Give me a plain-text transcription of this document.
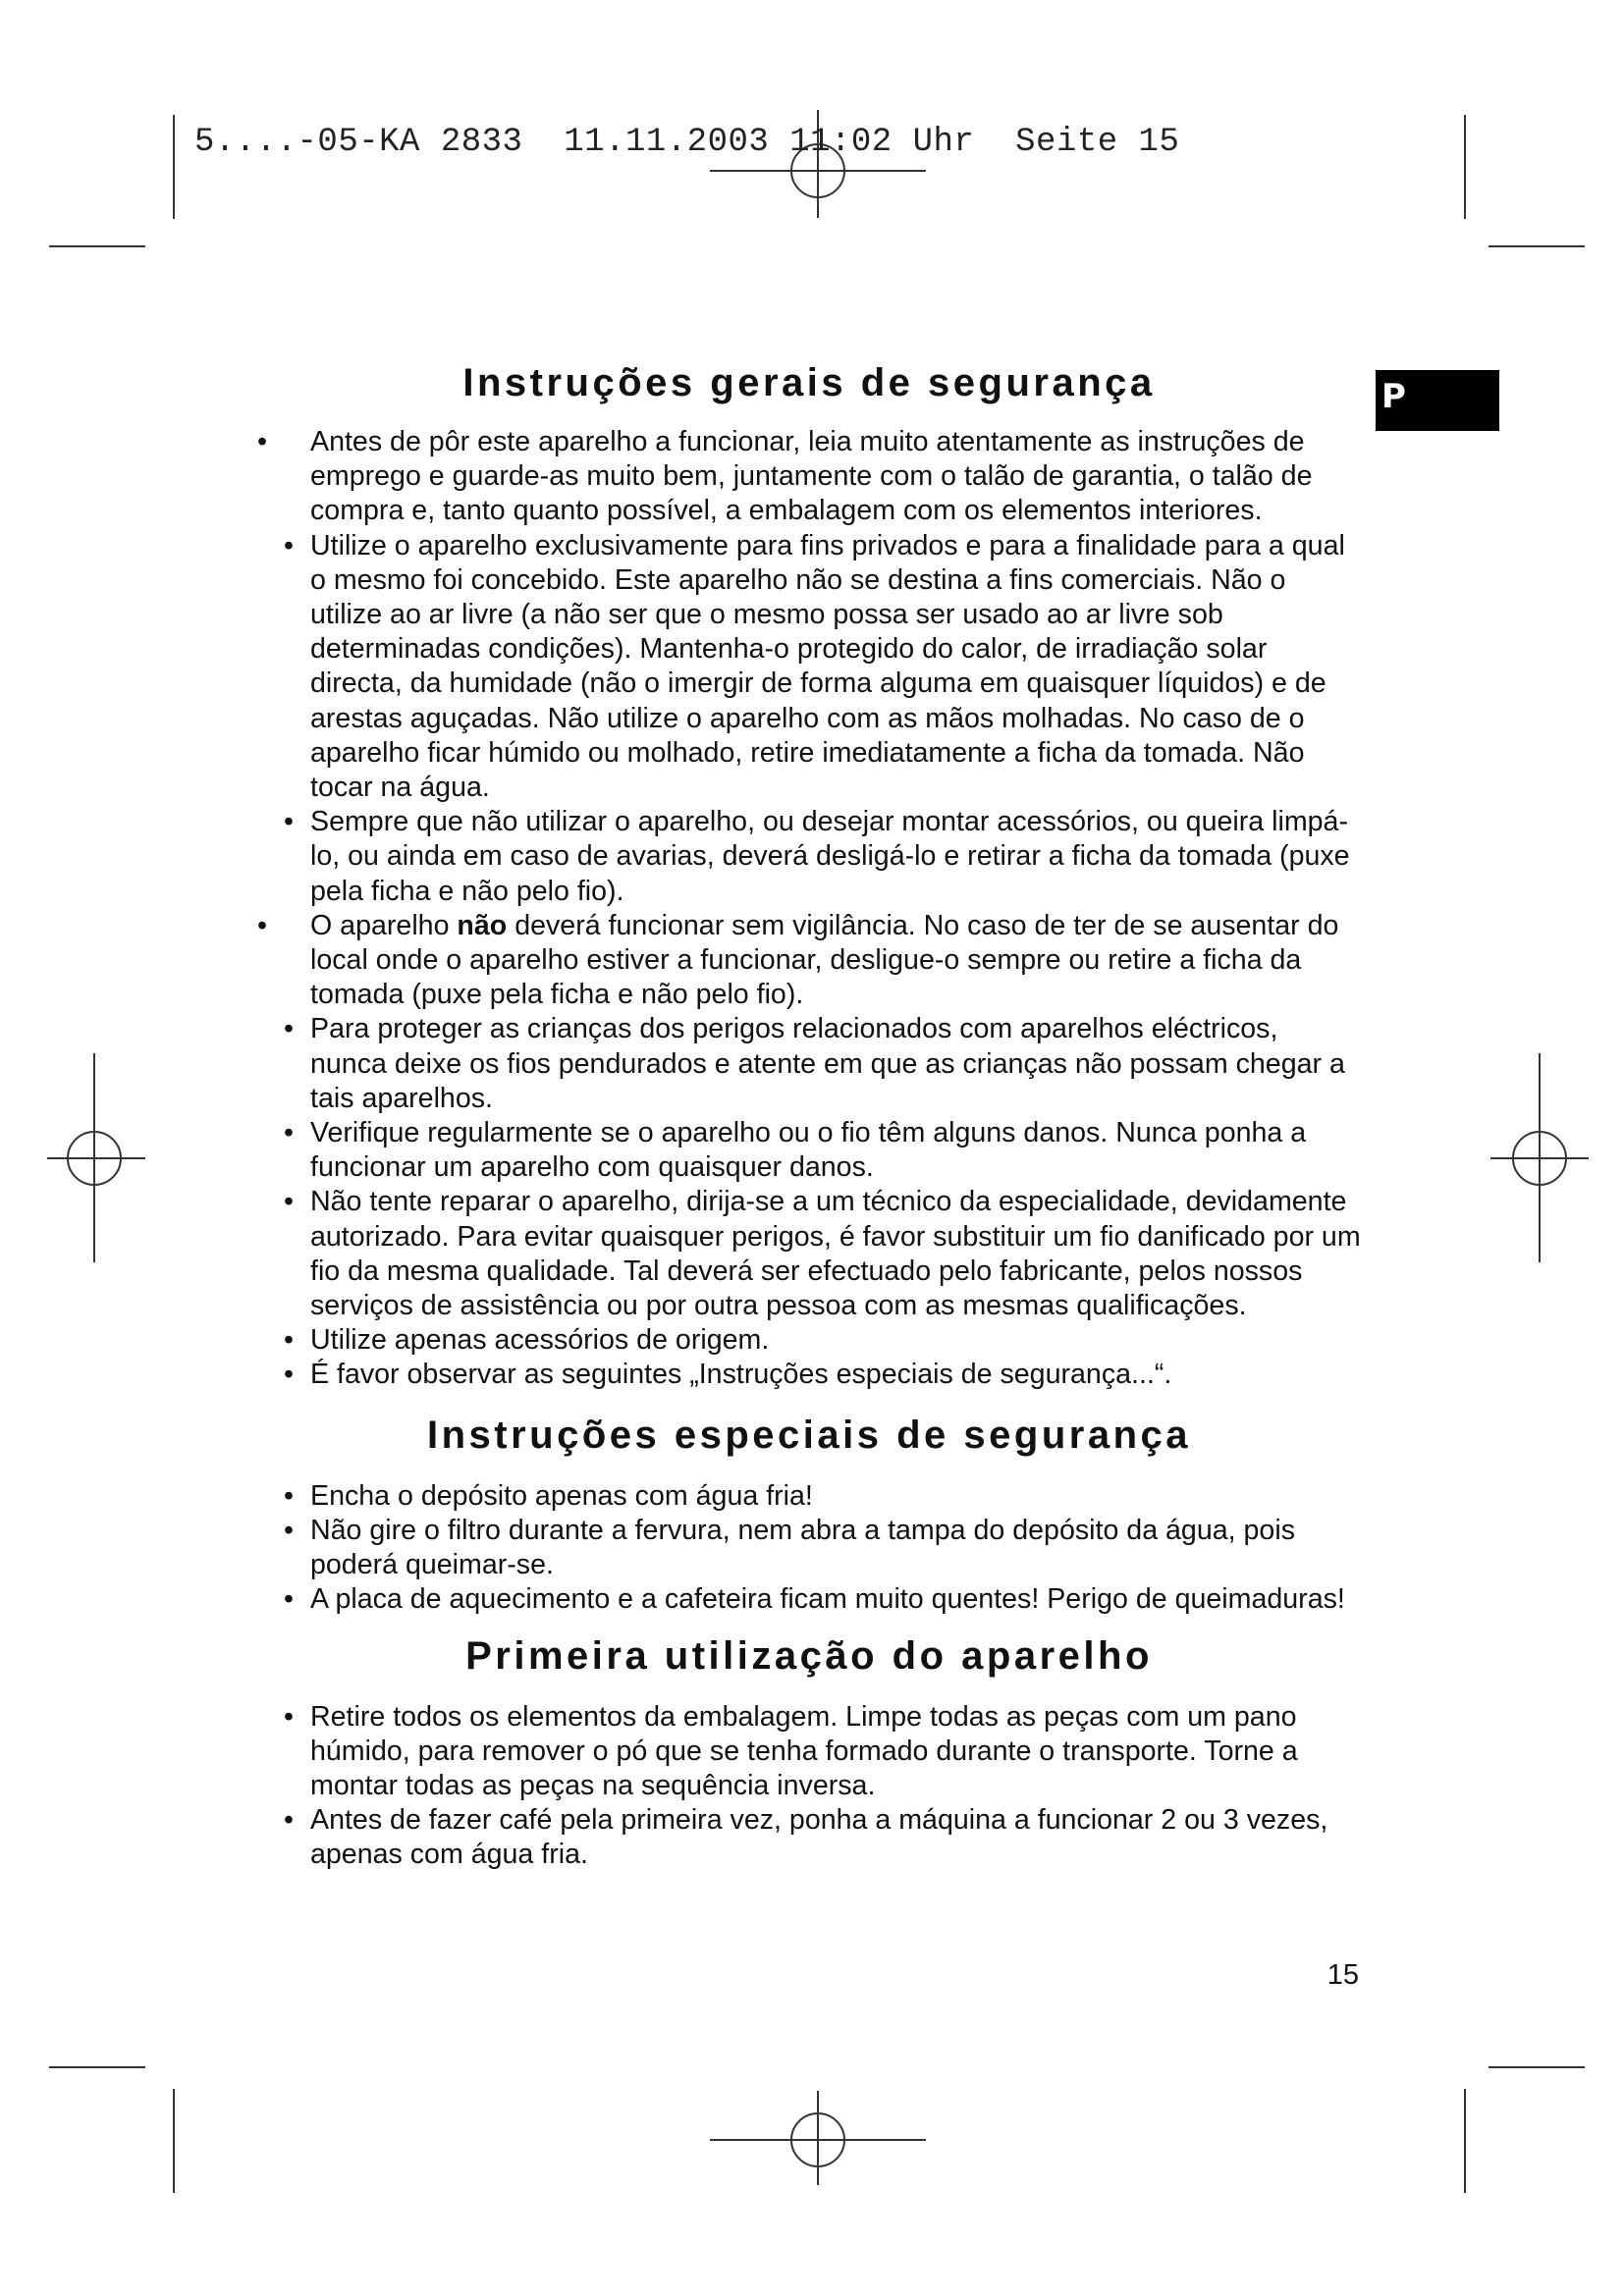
5....-05-KA 2833  11.11.2003 11:02 Uhr  Seite 15
P
Instruções gerais de segurança
• Antes de pôr este aparelho a funcionar, leia muito atentamente as instruções de emprego e guarde-as muito bem, juntamente com o talão de garantia, o talão de compra e, tanto quanto possível, a embalagem com os elementos interiores.
• Utilize o aparelho exclusivamente para fins privados e para a finalidade para a qual o mesmo foi concebido. Este aparelho não se destina a fins comerciais. Não o utilize ao ar livre (a não ser que o mesmo possa ser usado ao ar livre sob determinadas condições). Mantenha-o protegido do calor, de irradiação solar directa, da humidade (não o imergir de forma alguma em quaisquer líquidos) e de arestas aguçadas. Não utilize o aparelho com as mãos molhadas. No caso de o aparelho ficar húmido ou molhado, retire imediatamente a ficha da tomada. Não tocar na água.
• Sempre que não utilizar o aparelho, ou desejar montar acessórios, ou queira limpá-lo, ou ainda em caso de avarias, deverá desligá-lo e retirar a ficha da tomada (puxe pela ficha e não pelo fio).
• O aparelho não deverá funcionar sem vigilância. No caso de ter de se ausentar do local onde o aparelho estiver a funcionar, desligue-o sempre ou retire a ficha da tomada (puxe pela ficha e não pelo fio).
• Para proteger as crianças dos perigos relacionados com aparelhos eléctricos, nunca deixe os fios pendurados e atente em que as crianças não possam chegar a tais aparelhos.
• Verifique regularmente se o aparelho ou o fio têm alguns danos. Nunca ponha a funcionar um aparelho com quaisquer danos.
• Não tente reparar o aparelho, dirija-se a um técnico da especialidade, devidamente autorizado. Para evitar quaisquer perigos, é favor substituir um fio danificado por um fio da mesma qualidade. Tal deverá ser efectuado pelo fabricante, pelos nossos serviços de assistência ou por outra pessoa com as mesmas qualificações.
• Utilize apenas acessórios de origem.
• É favor observar as seguintes „Instruções especiais de segurança...“.
Instruções especiais de segurança
• Encha o depósito apenas com água fria!
• Não gire o filtro durante a fervura, nem abra a tampa do depósito da água, pois poderá queimar-se.
• A placa de aquecimento e a cafeteira ficam muito quentes! Perigo de queimaduras!
Primeira utilização do aparelho
• Retire todos os elementos da embalagem. Limpe todas as peças com um pano húmido, para remover o pó que se tenha formado durante o transporte. Torne a montar todas as peças na sequência inversa.
• Antes de fazer café pela primeira vez, ponha a máquina a funcionar 2 ou 3 vezes, apenas com água fria.
15
